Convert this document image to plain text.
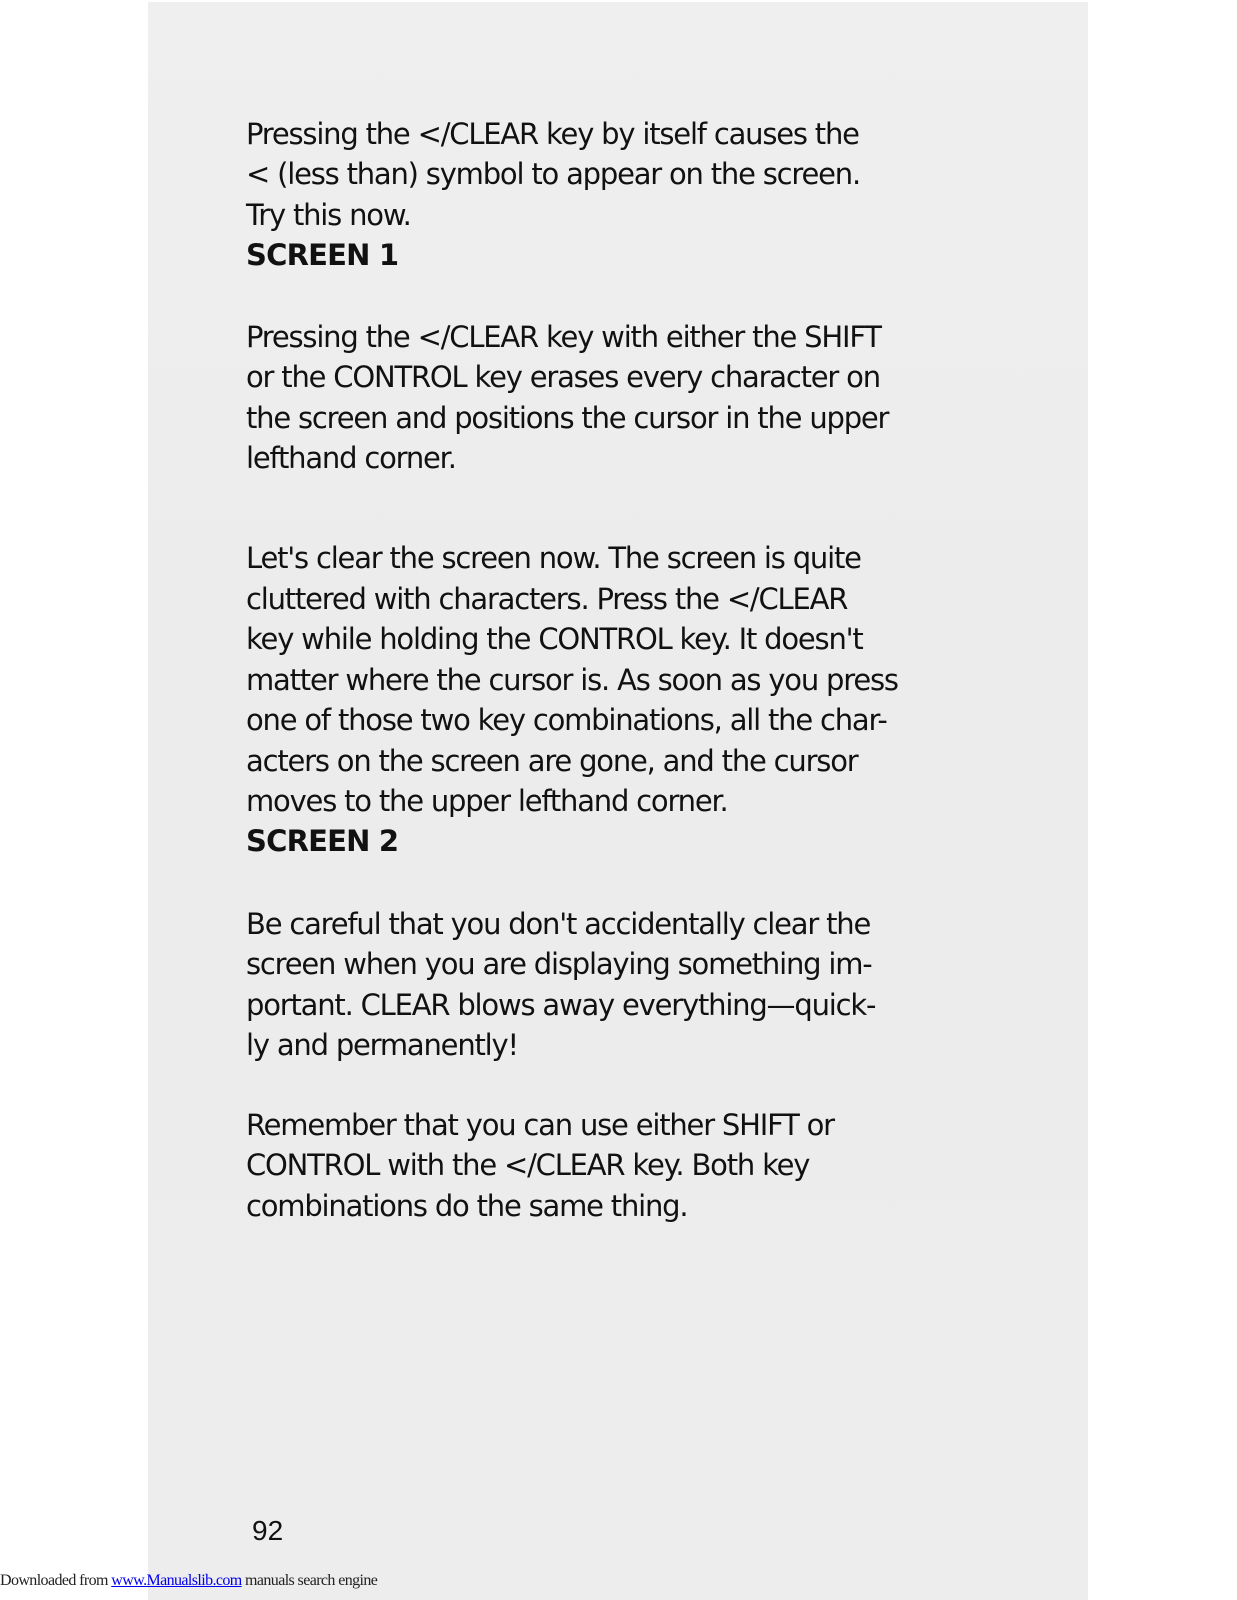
Pressing the </CLEAR key by itself causes the

< (less than) symbol to appear on the screen.

Try this now.

SCREEN 1

Pressing the </CLEAR key with either the SHIFT

or the CONTROL key erases every character on

the screen and positions the cursor in the upper

lefthand corner.

Let's clear the screen now. The screen is quite

cluttered with characters. Press the </CLEAR

key while holding the CONTROL key. It doesn't

matter where the cursor is. As soon as you press

one of those two key combinations, all the char-

acters on the screen are gone, and the cursor

moves to the upper lefthand corner.

SCREEN 2

Be careful that you don't accidentally clear the

screen when you are displaying something im-

portant. CLEAR blows away everything—quick-

ly and permanently!

Remember that you can use either SHIFT or

CONTROL with the </CLEAR key. Both key

combinations do the same thing.

92
Downloaded from www.Manualslib.com manuals search engine
